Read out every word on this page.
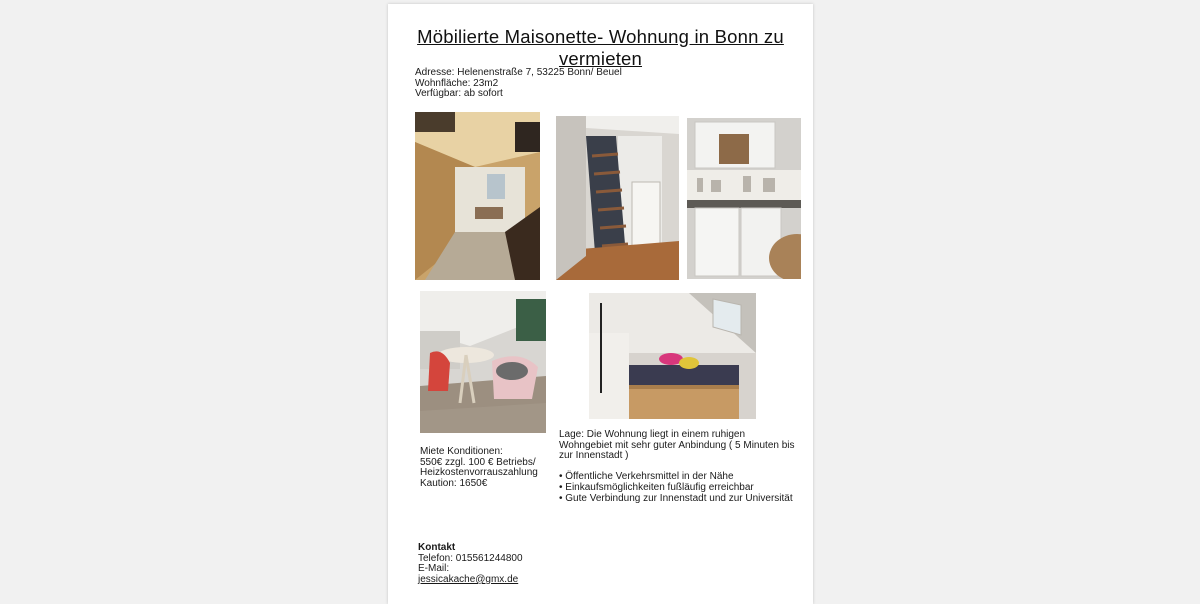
Möbilierte Maisonette- Wohnung in Bonn zu vermieten
Adresse: Helenenstraße 7, 53225 Bonn/ Beuel
Wohnfläche: 23m2
Verfügbar: ab sofort
Miete Konditionen:
550€ zzgl. 100 € Betriebs/ Heizkostenvorrauszahlung
Kaution: 1650€
Lage: Die Wohnung liegt in einem ruhigen Wohngebiet mit sehr guter Anbindung ( 5 Minuten bis zur Innenstadt )
• Öffentliche Verkehrsmittel in der Nähe
• Einkaufsmöglichkeiten fußläufig erreichbar
• Gute Verbindung zur Innenstadt und zur Universität
Kontakt
Telefon: 015561244800
E-Mail:
jessicakache@gmx.de
